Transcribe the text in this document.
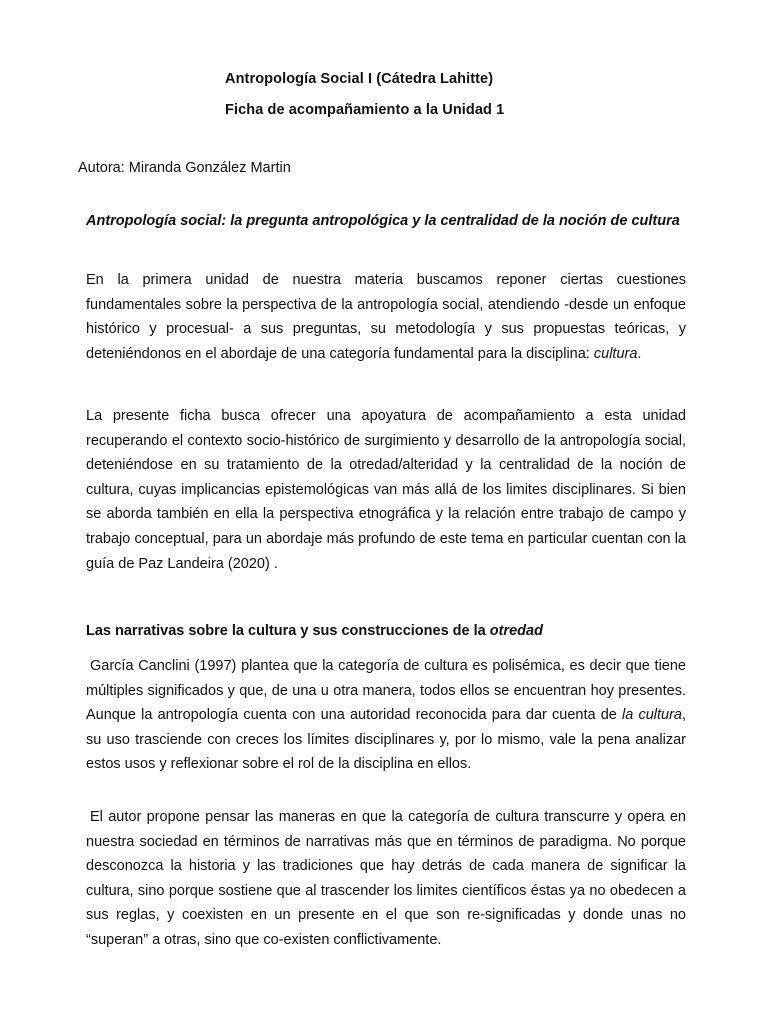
Antropología Social I (Cátedra Lahitte)
Ficha de acompañamiento a la Unidad 1
Autora: Miranda González Martin
Antropología social: la pregunta antropológica y la centralidad de la noción de cultura

En la primera unidad de nuestra materia buscamos reponer ciertas cuestiones fundamentales sobre la perspectiva de la antropología social, atendiendo -desde un enfoque histórico y procesual- a sus preguntas, su metodología y sus propuestas teóricas, y deteniéndonos en el abordaje de una categoría fundamental para la disciplina: cultura.

La presente ficha busca ofrecer una apoyatura de acompañamiento a esta unidad recuperando el contexto socio-histórico de surgimiento y desarrollo de la antropología social, deteniéndose en su tratamiento de la otredad/alteridad y la centralidad de la noción de cultura, cuyas implicancias epistemológicas van más allá de los limites disciplinares. Si bien se aborda también en ella la perspectiva etnográfica y la relación entre trabajo de campo y trabajo conceptual, para un abordaje más profundo de este tema en particular cuentan con la guía de Paz Landeira (2020) .

Las narrativas sobre la cultura y sus construcciones de la otredad

García Canclini (1997) plantea que la categoría de cultura es polisémica, es decir que tiene múltiples significados y que, de una u otra manera, todos ellos se encuentran hoy presentes. Aunque la antropología cuenta con una autoridad reconocida para dar cuenta de la cultura, su uso trasciende con creces los límites disciplinares y, por lo mismo, vale la pena analizar estos usos y reflexionar sobre el rol de la disciplina en ellos.

El autor propone pensar las maneras en que la categoría de cultura transcurre y opera en nuestra sociedad en términos de narrativas más que en términos de paradigma. No porque desconozca la historia y las tradiciones que hay detrás de cada manera de significar la cultura, sino porque sostiene que al trascender los limites científicos éstas ya no obedecen a sus reglas, y coexisten en un presente en el que son re-significadas y donde unas no “superan” a otras, sino que co-existen conflictivamente.
